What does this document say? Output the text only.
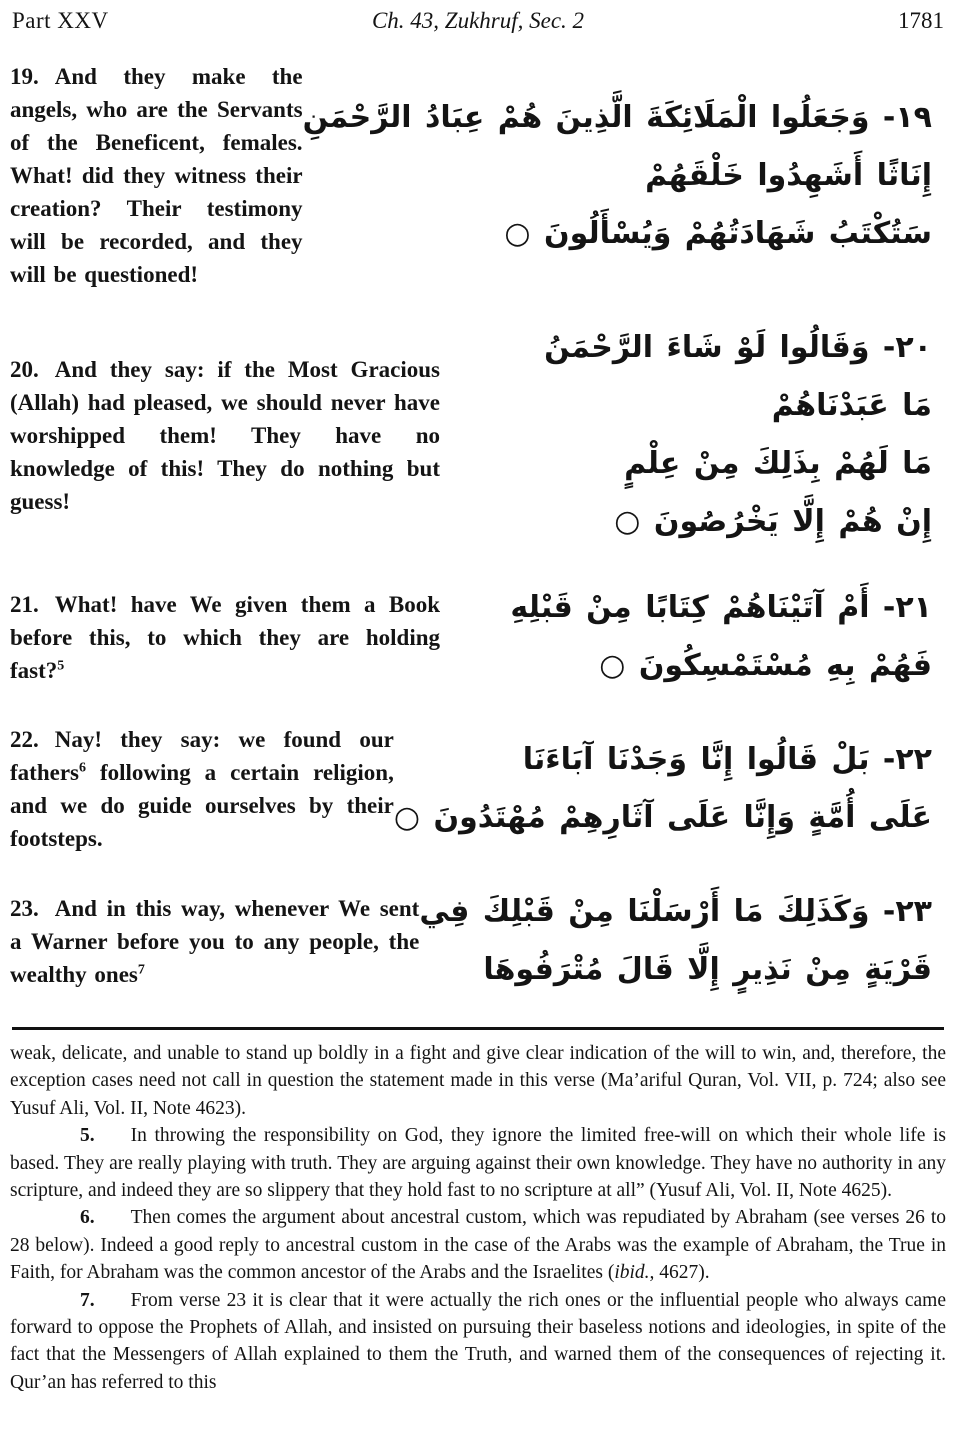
Part XXV	Ch. 43, Zukhruf, Sec. 2	1781
19. And they make the angels, who are the Servants of the Beneficent, females. What! did they witness their creation? Their testimony will be recorded, and they will be questioned!
۱۹- وَجَعَلُوا الْمَلَائِكَةَ الَّذِينَ هُمْ عِبَادُ الرَّحْمَنِ
إِنَاثًا أَشَهِدُوا خَلْقَهُمْ
سَتُكْتَبُ شَهَادَتُهُمْ وَيُسْأَلُونَ ○
20. And they say: if the Most Gracious (Allah) had pleased, we should never have worshipped them! They have no knowledge of this! They do nothing but guess!
۲۰- وَقَالُوا لَوْ شَاءَ الرَّحْمَنُ
مَا عَبَدْنَاهُمْ
مَا لَهُمْ بِذَلِكَ مِنْ عِلْمٍ
إِنْ هُمْ إِلَّا يَخْرُصُونَ ○
21. What! have We given them a Book before this, to which they are holding fast?$^5$
۲۱- أَمْ آتَيْنَاهُمْ كِتَابًا مِنْ قَبْلِهِ
فَهُمْ بِهِ مُسْتَمْسِكُونَ ○
22. Nay! they say: we found our fathers$^6$ following a certain religion, and we do guide ourselves by their footsteps.
۲۲- بَلْ قَالُوا إِنَّا وَجَدْنَا آبَاءَنَا
عَلَى أُمَّةٍ وَإِنَّا عَلَى آثَارِهِمْ مُهْتَدُونَ ○
23. And in this way, whenever We sent a Warner before you to any people, the wealthy ones$^7$
۲۳- وَكَذَلِكَ مَا أَرْسَلْنَا مِنْ قَبْلِكَ فِي
قَرْيَةٍ مِنْ نَذِيرٍ إِلَّا قَالَ مُتْرَفُوهَا

weak, delicate, and unable to stand up boldly in a fight and give clear indication of the will to win, and, therefore, the exception cases need not call in question the statement made in this verse (Ma’ariful Quran, Vol. VII, p. 724; also see Yusuf Ali, Vol. II, Note 4623).

5. In throwing the responsibility on God, they ignore the limited free-will on which their whole life is based. They are really playing with truth. They are arguing against their own knowledge. They have no authority in any scripture, and indeed they are so slippery that they hold fast to no scripture at all” (Yusuf Ali, Vol. II, Note 4625).

6. Then comes the argument about ancestral custom, which was repudiated by Abraham (see verses 26 to 28 below). Indeed a good reply to ancestral custom in the case of the Arabs was the example of Abraham, the True in Faith, for Abraham was the common ancestor of the Arabs and the Israelites (ibid., 4627).

7. From verse 23 it is clear that it were actually the rich ones or the influential people who always came forward to oppose the Prophets of Allah, and insisted on pursuing their baseless notions and ideologies, in spite of the fact that the Messengers of Allah explained to them the Truth, and warned them of the consequences of rejecting it. Qur’an has referred to this
